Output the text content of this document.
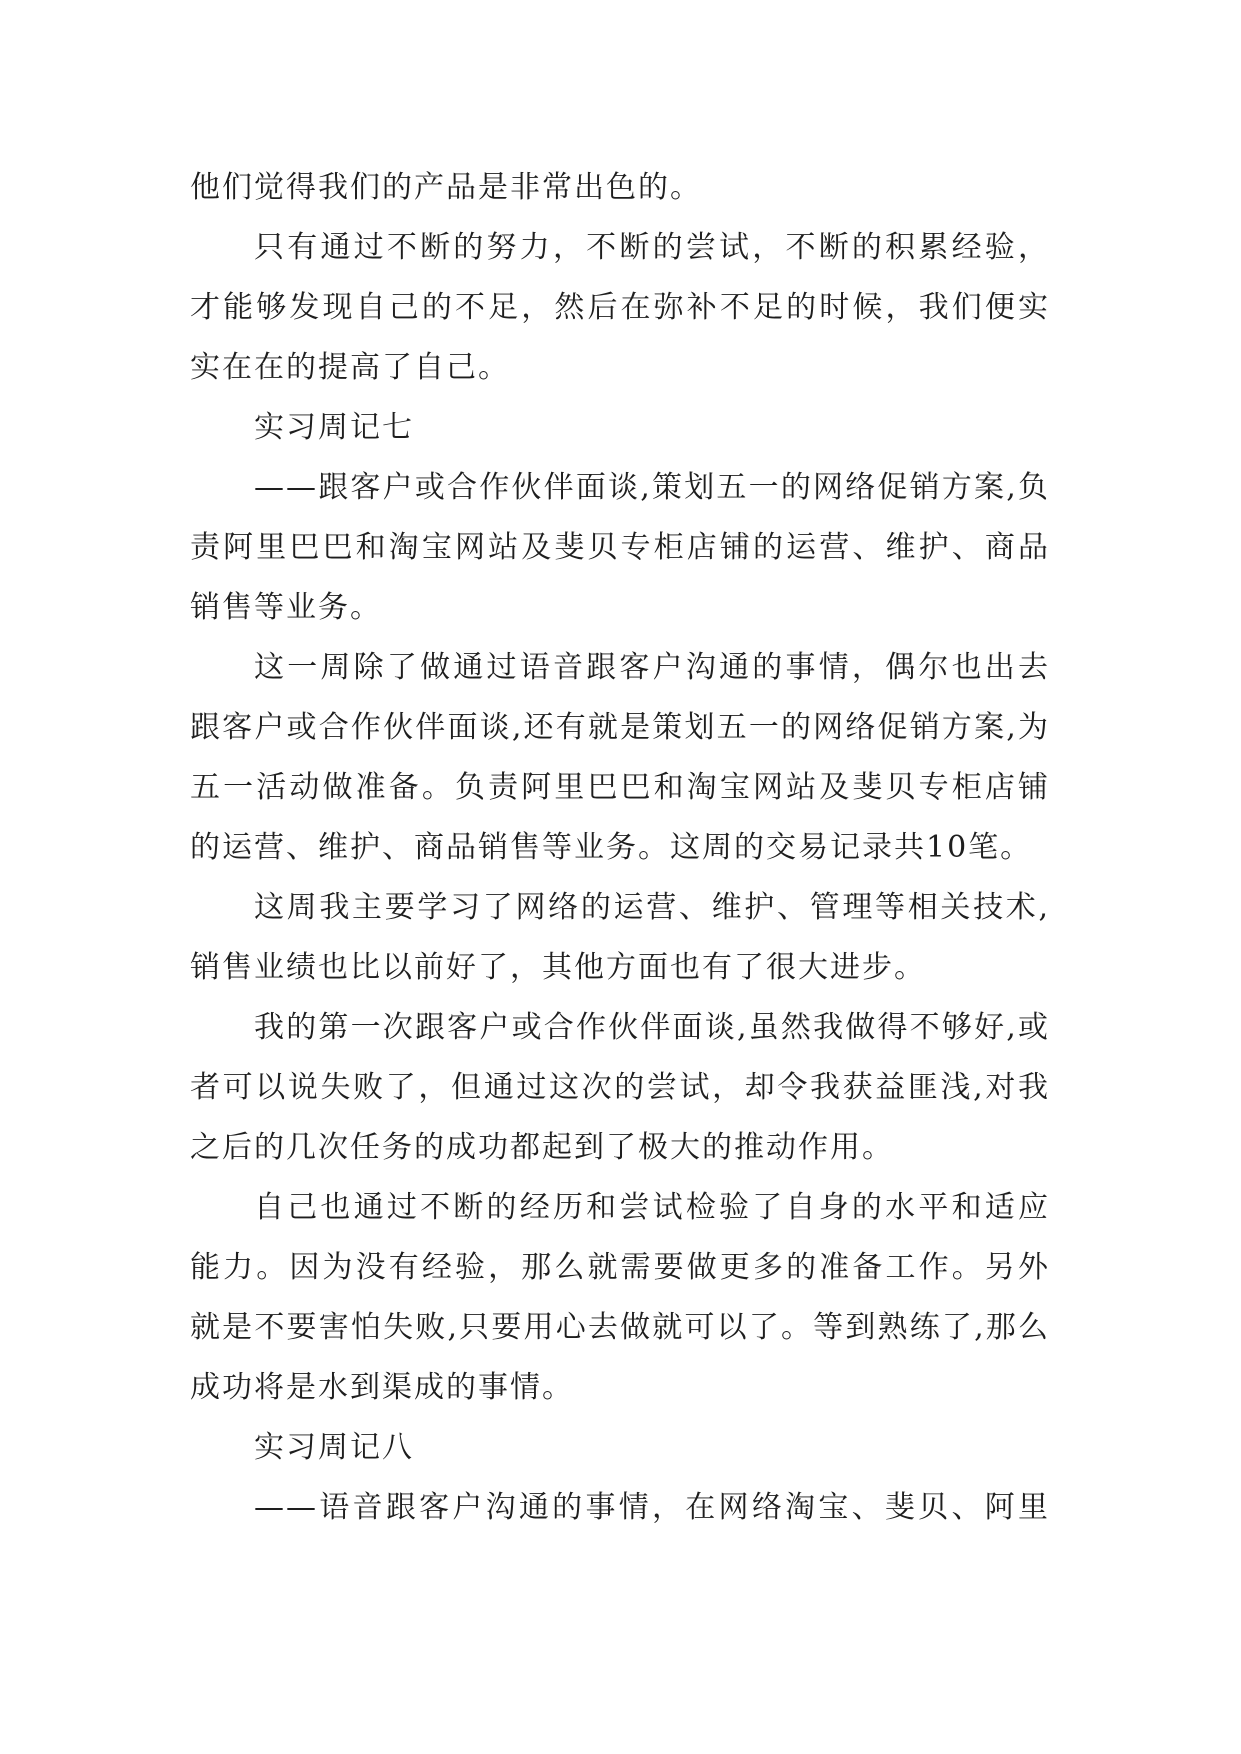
他们觉得我们的产品是非常出色的。

只有通过不断的努力，不断的尝试，不断的积累经验，才能够发现自己的不足，然后在弥补不足的时候，我们便实实在在的提高了自己。

实习周记七

——跟客户或合作伙伴面谈,策划五一的网络促销方案,负责阿里巴巴和淘宝网站及斐贝专柜店铺的运营、维护、商品销售等业务。

这一周除了做通过语音跟客户沟通的事情，偶尔也出去跟客户或合作伙伴面谈,还有就是策划五一的网络促销方案,为五一活动做准备。负责阿里巴巴和淘宝网站及斐贝专柜店铺的运营、维护、商品销售等业务。这周的交易记录共10笔。

这周我主要学习了网络的运营、维护、管理等相关技术,销售业绩也比以前好了，其他方面也有了很大进步。

我的第一次跟客户或合作伙伴面谈,虽然我做得不够好,或者可以说失败了，但通过这次的尝试，却令我获益匪浅,对我之后的几次任务的成功都起到了极大的推动作用。

自己也通过不断的经历和尝试检验了自身的水平和适应能力。因为没有经验，那么就需要做更多的准备工作。另外就是不要害怕失败,只要用心去做就可以了。等到熟练了,那么成功将是水到渠成的事情。

实习周记八

——语音跟客户沟通的事情，在网络淘宝、斐贝、阿里
